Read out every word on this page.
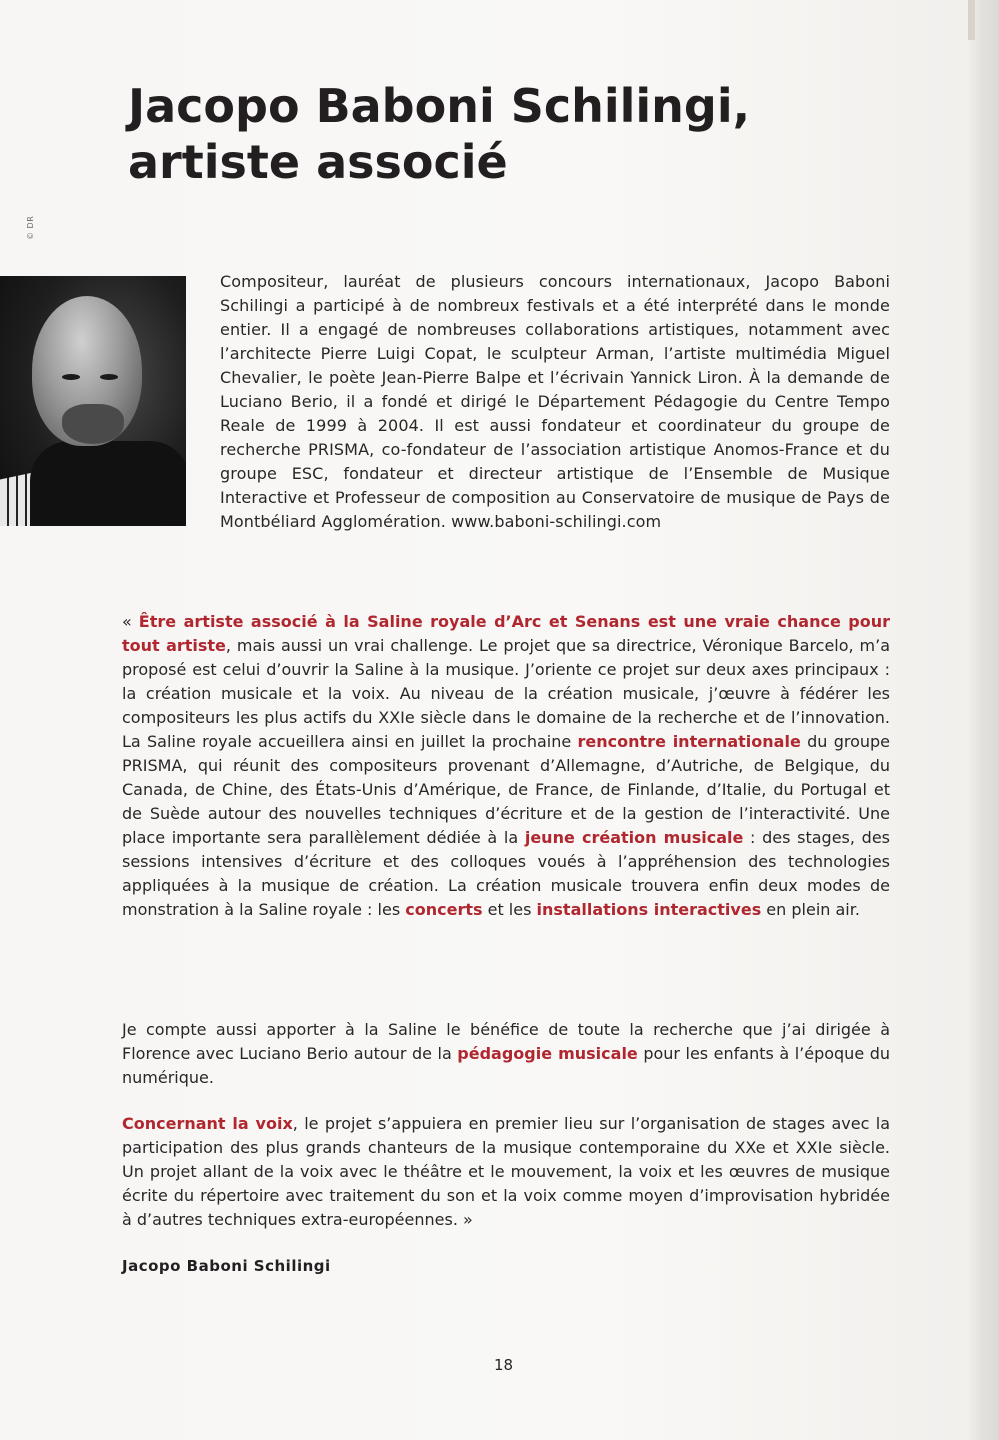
© DR
Jacopo Baboni Schilingi,
artiste associé

Compositeur, lauréat de plusieurs concours internationaux, Jacopo Baboni Schilingi a participé à de nombreux festivals et a été interprété dans le monde entier. Il a engagé de nombreuses collaborations artistiques, notamment avec l’architecte Pierre Luigi Copat, le sculpteur Arman, l’artiste multimédia Miguel Chevalier, le poète Jean-Pierre Balpe et l’écrivain Yannick Liron. À la demande de Luciano Berio, il a fondé et dirigé le Département Pédagogie du Centre Tempo Reale de 1999 à 2004. Il est aussi fondateur et coordinateur du groupe de recherche PRISMA, co-fondateur de l’association artistique Anomos-France et du groupe ESC, fondateur et directeur artistique de l’Ensemble de Musique Interactive et Professeur de composition au Conservatoire de musique de Pays de Montbéliard Agglomération. www.baboni-schilingi.com

« Être artiste associé à la Saline royale d’Arc et Senans est une vraie chance pour tout artiste, mais aussi un vrai challenge. Le projet que sa directrice, Véronique Barcelo, m’a proposé est celui d’ouvrir la Saline à la musique. J’oriente ce projet sur deux axes principaux : la création musicale et la voix. Au niveau de la création musicale, j’œuvre à fédérer les compositeurs les plus actifs du XXIe siècle dans le domaine de la recherche et de l’innovation. La Saline royale accueillera ainsi en juillet la prochaine rencontre internationale du groupe PRISMA, qui réunit des compositeurs provenant d’Allemagne, d’Autriche, de Belgique, du Canada, de Chine, des États-Unis d’Amérique, de France, de Finlande, d’Italie, du Portugal et de Suède autour des nouvelles techniques d’écriture et de la gestion de l’interactivité. Une place importante sera parallèlement dédiée à la jeune création musicale : des stages, des sessions intensives d’écriture et des colloques voués à l’appréhension des technologies appliquées à la musique de création. La création musicale trouvera enfin deux modes de monstration à la Saline royale : les concerts et les installations interactives en plein air.

Je compte aussi apporter à la Saline le bénéfice de toute la recherche que j’ai dirigée à Florence avec Luciano Berio autour de la pédagogie musicale pour les enfants à l’époque du numérique.

Concernant la voix, le projet s’appuiera en premier lieu sur l’organisation de stages avec la participation des plus grands chanteurs de la musique contemporaine du XXe et XXIe siècle. Un projet allant de la voix avec le théâtre et le mouvement, la voix et les œuvres de musique écrite du répertoire avec traitement du son et la voix comme moyen d’improvisation hybridée à d’autres techniques extra-européennes. »

Jacopo Baboni Schilingi

18
